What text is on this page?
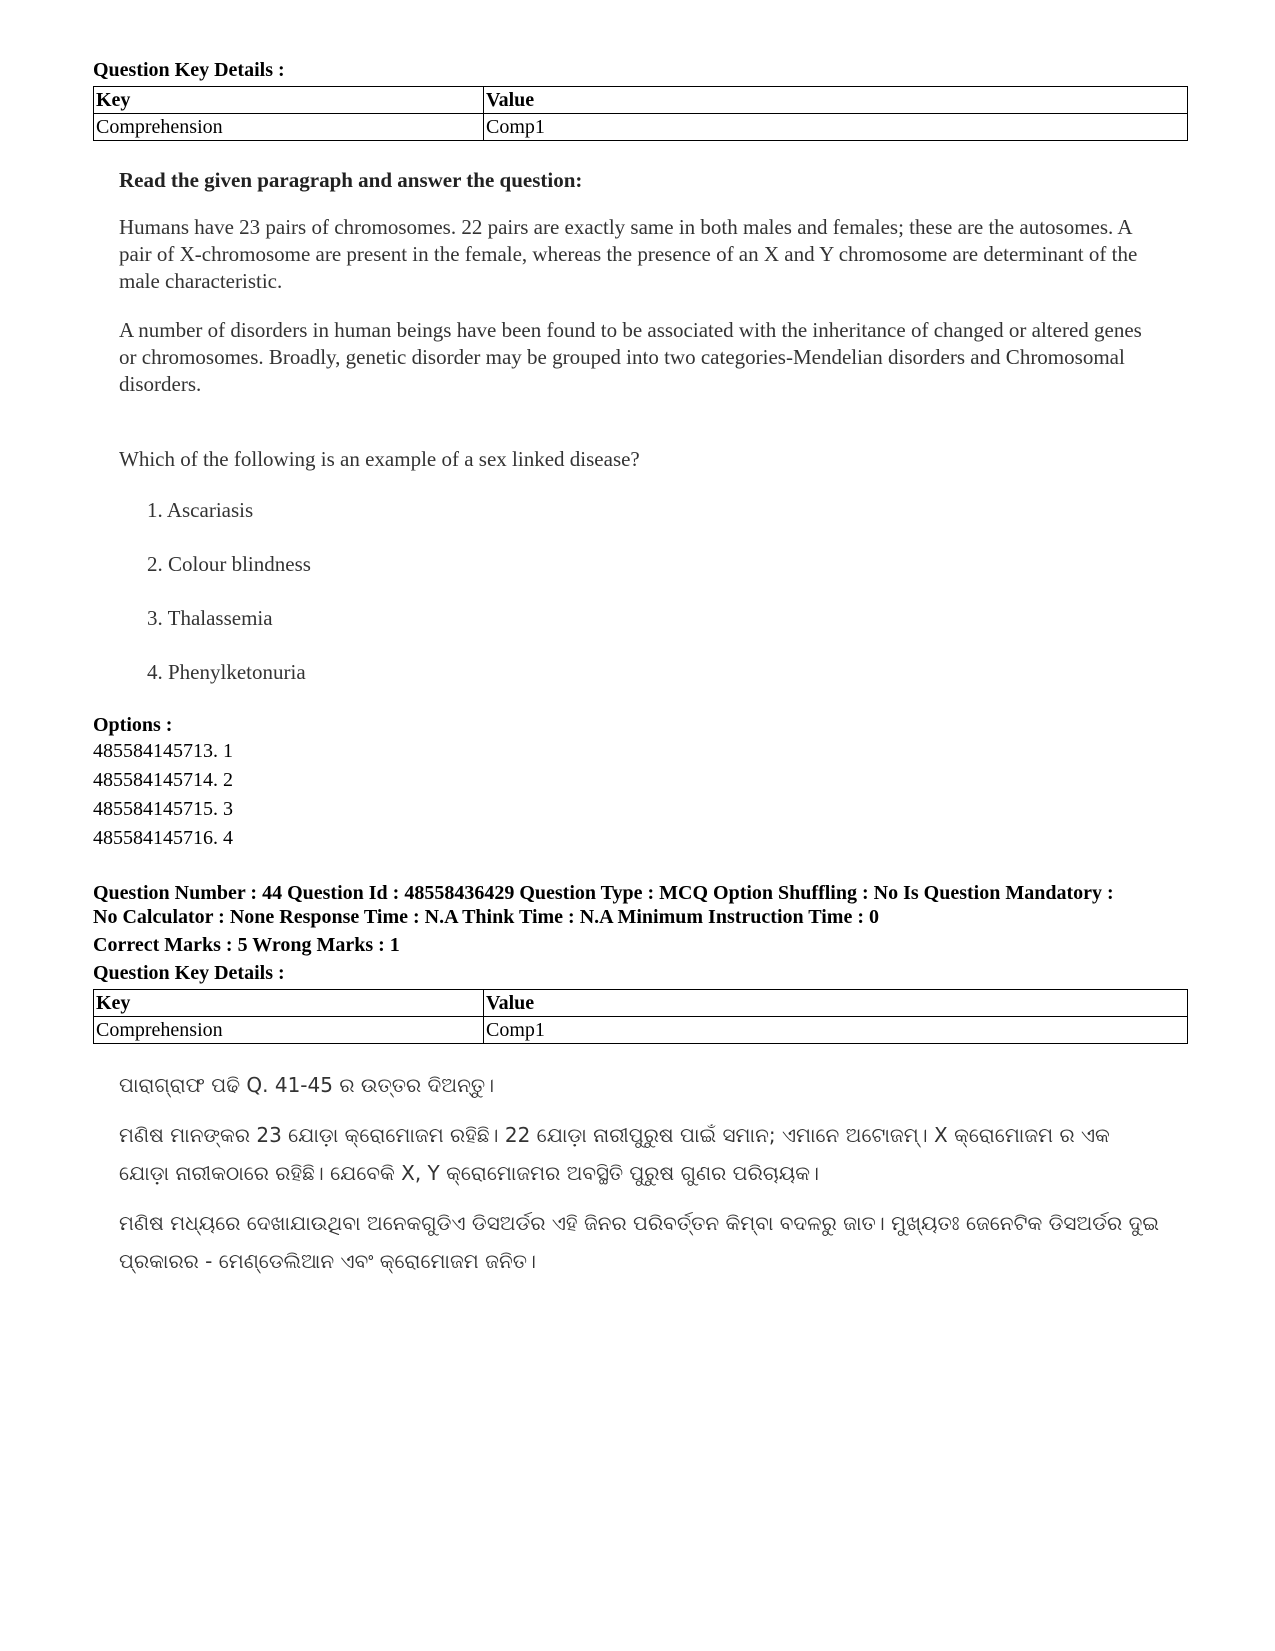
Question Key Details :
Key	Value
Comprehension	Comp1
Read the given paragraph and answer the question:

Humans have 23 pairs of chromosomes. 22 pairs are exactly same in both males and females; these are the autosomes. A pair of X-chromosome are present in the female, whereas the presence of an X and Y chromosome are determinant of the male characteristic.

A number of disorders in human beings have been found to be associated with the inheritance of changed or altered genes or chromosomes. Broadly, genetic disorder may be grouped into two categories-Mendelian disorders and Chromosomal disorders.

Which of the following is an example of a sex linked disease?

1. Ascariasis
2. Colour blindness
3. Thalassemia
4. Phenylketonuria
Options :
485584145713. 1
485584145714. 2
485584145715. 3
485584145716. 4
Question Number : 44 Question Id : 48558436429 Question Type : MCQ Option Shuffling : No Is Question Mandatory :
No Calculator : None Response Time : N.A Think Time : N.A Minimum Instruction Time : 0
Correct Marks : 5 Wrong Marks : 1
Question Key Details :
Key	Value
Comprehension	Comp1

ପାରାଗ୍ରାଫ ପଢି Q. 41-45 ର ଉତ୍ତର ଦିଅନ୍ତୁ।

ମଣିଷ ମାନଙ୍କର 23 ଯୋଡ଼ା କ୍ରୋମୋଜମ ରହିଛି। 22 ଯୋଡ଼ା ନାରୀପୁରୁଷ ପାଇଁ ସମାନ; ଏମାନେ ଅଟୋଜମ୍। X କ୍ରୋମୋଜମ ର ଏକ ଯୋଡ଼ା ନାରୀକଠାରେ ରହିଛି। ଯେବେକି X, Y କ୍ରୋମୋଜମର ଅବସ୍ଥିତି ପୁରୁଷ ଗୁଣର ପରିଚାୟକ।

ମଣିଷ ମଧ୍ୟରେ ଦେଖାଯାଉଥିବା ଅନେକଗୁଡିଏ ଡିସଅର୍ଡର ଏହି ଜିନର ପରିବର୍ତ୍ତନ କିମ୍ବା ବଦଳରୁ ଜାତ। ମୁଖ୍ୟତଃ ଜେନେଟିକ ଡିସଅର୍ଡର ଦୁଇ ପ୍ରକାରର - ମେଣ୍ଡେଲିଆନ ଏବଂ କ୍ରୋମୋଜମ ଜନିତ।
